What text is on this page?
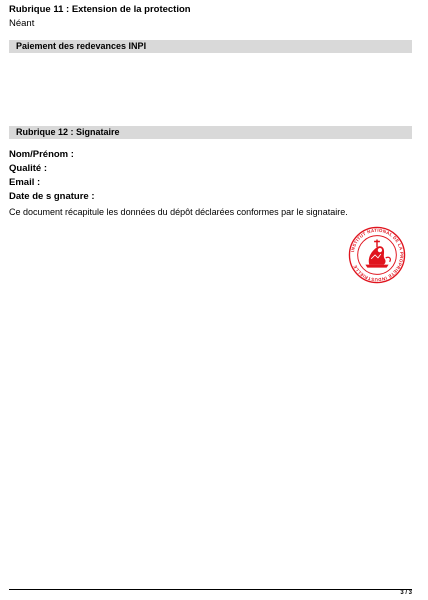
Rubrique 11 : Extension de la protection
Néant
Paiement des redevances INPI
Rubrique 12 : Signataire
Nom/Prénom :
Qualité :
Email :
Date de s gnature :
Ce document récapitule les données du dépôt déclarées conformes par le signataire.
INSTITUT NATIONAL DE LA PROPRIETE INDUSTRIELLE
3 / 3
